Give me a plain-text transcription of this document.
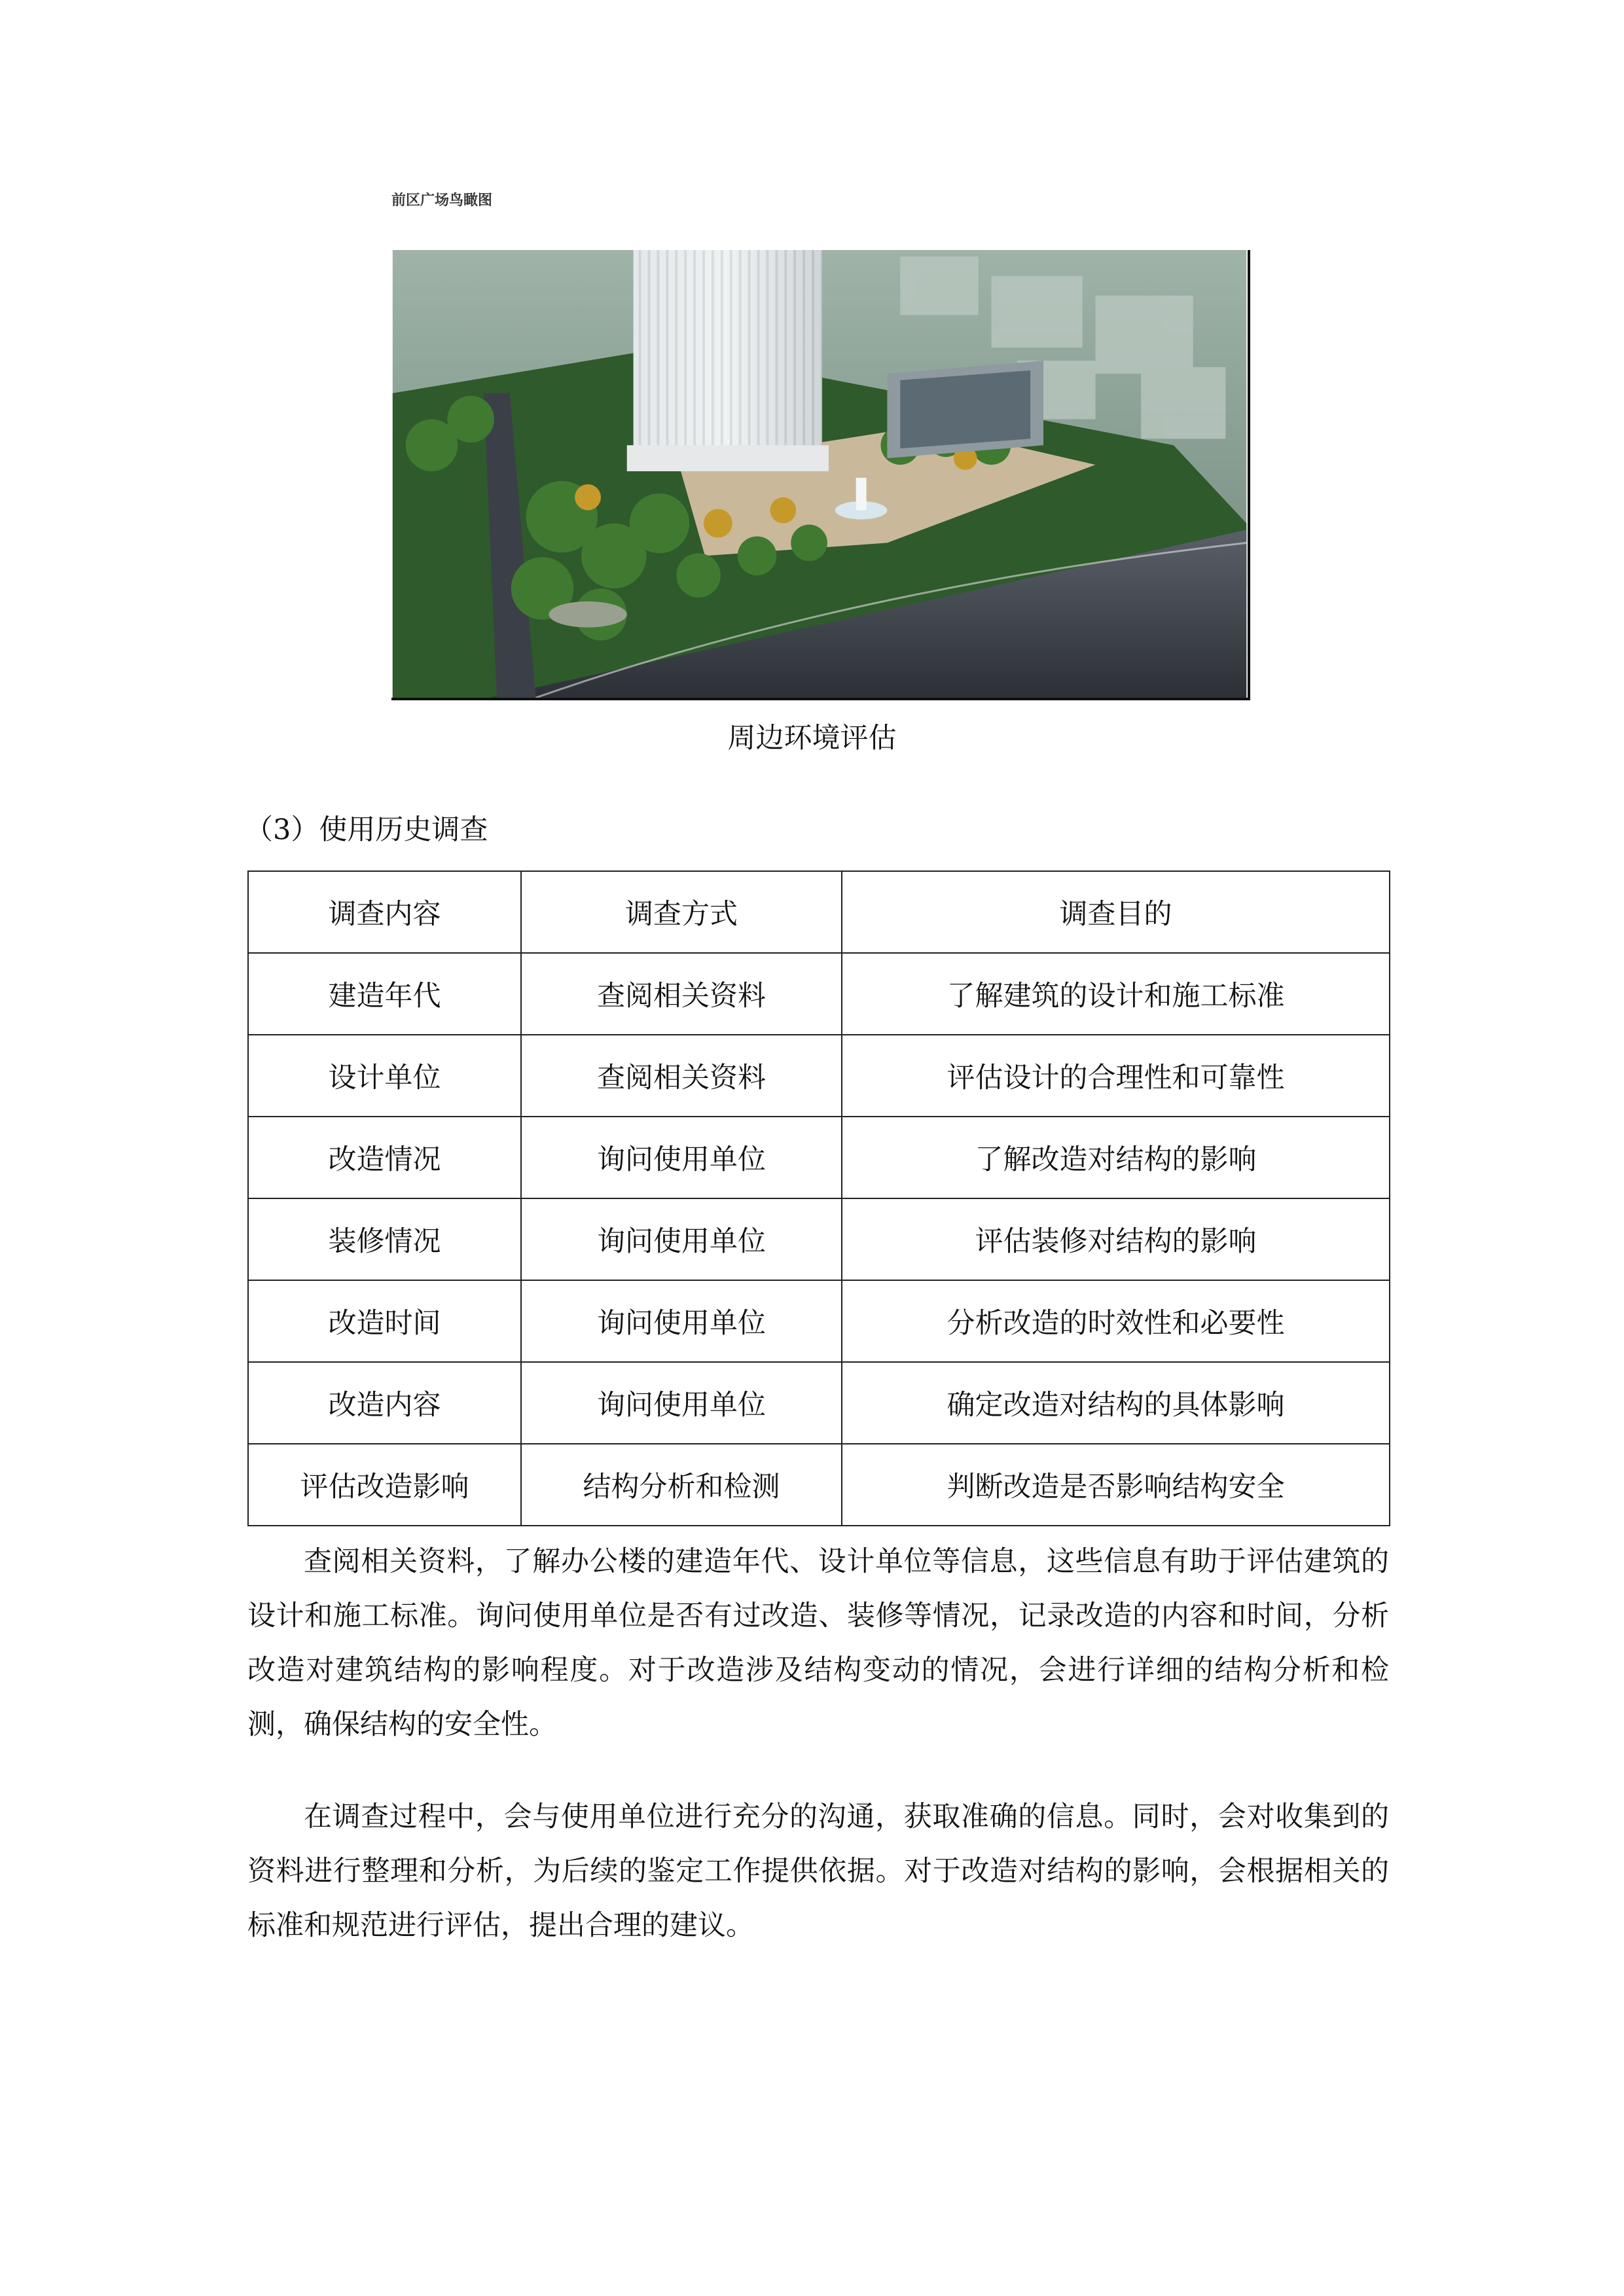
前区广场鸟瞰图
周边环境评估
（3）使用历史调查
调查内容	调查方式	调查目的
建造年代	查阅相关资料	了解建筑的设计和施工标准
设计单位	查阅相关资料	评估设计的合理性和可靠性
改造情况	询问使用单位	了解改造对结构的影响
装修情况	询问使用单位	评估装修对结构的影响
改造时间	询问使用单位	分析改造的时效性和必要性
改造内容	询问使用单位	确定改造对结构的具体影响
评估改造影响	结构分析和检测	判断改造是否影响结构安全

查阅相关资料，了解办公楼的建造年代、设计单位等信息，这些信息有助于评估建筑的设计和施工标准。询问使用单位是否有过改造、装修等情况，记录改造的内容和时间，分析改造对建筑结构的影响程度。对于改造涉及结构变动的情况，会进行详细的结构分析和检测，确保结构的安全性。

在调查过程中，会与使用单位进行充分的沟通，获取准确的信息。同时，会对收集到的资料进行整理和分析，为后续的鉴定工作提供依据。对于改造对结构的影响，会根据相关的标准和规范进行评估，提出合理的建议。
